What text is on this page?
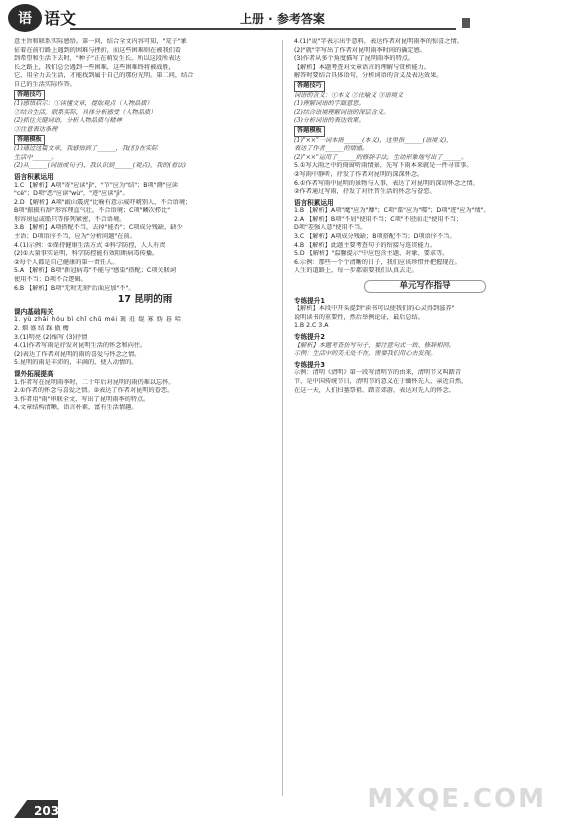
语 语文	上册 · 参考答案
意主旨和联系实际感悟。第一问，结合全文内容可知，"荒子"象
征着在前行路上遇到的困难与挫折，而这些困难则在被我们看
到希望和生活下去时，"种子"正在萌发生长。所以这段所表达
长之路上，我们总会遇到一些困难，这些困难终将被战胜，
它，用全力去生活，才能找到属于自己的那份光明。第二问，结合
自己的生活实际作答。
答题技巧
(1)感悟启示：①读懂文章，提取观点（人物品质）
②结合生活，联系实际，具体分析感受（人物品质）
(2)抓住关键词语，分析人物品质与精神
③注意表达条理
答题模板
(1)通过这篇文章，我感悟到了______，我(们)在实际
生活中______。
(2)从______(词语或句子)，我认识到______(观点)，我的(看法)
语言积累运用
1.C 【解析】A项"寄"应读"jì"，"节"应为"结"；B项"测"应读
"cè"；D项"恶"应读"wù"，"迹"应读"jì"。
2.D 【解析】A项"敲山震虎"比喻有意示威吓唬别人，不合语境；
B项"振振有辞"形容理直气壮，不合语境；C项"鳞次栉比"
形容房屋或船只等排列紧密，不合语境。
3.B 【解析】A项搭配不当，去掉"能否"；C项成分残缺，缺少
主语；D项语序不当，应为"分析问题"在前。
4.(1)示例：①保持健康生活方式 ②科学防控，人人有责
(2)①大量事实证明，科学防控能有效阻断病毒传播。
②每个人都是自己健康的第一责任人。
5.A 【解析】B项"新冠病毒"不能与"感染"搭配；C项关联词
使用不当；D项不合逻辑。
6.B 【解析】B项"无时无刻"后面应加"不"。
17 昆明的雨
课内基础闯关
1. yù zhǎi hóu bì chǐ chǔ méi 篱 莊 绲 寡 妫 暮 哈
2. 烟 盛 结 踩 傲 檐
3.(1)明亮 (2)缩写 (3)抒情
4.(1)作者写雨是抒发对昆明生活的怀念和向往。
(2)表达了作者对昆明的雨的喜爱与怀念之情。
5.昆明的雨是丰沛的，丰满的，使人动情的。
课外拓展提高
1.作者写在昆明雨季时，二十年后对昆明的雨仍难以忘怀。
2.①作者的怀念与喜爱之情。②表达了作者对昆明的眷恋。
3.作者用"雨"串联全文，写出了昆明雨季的特点。
4.文章结构清晰，语言朴素，富有生活情趣。
4.(1)"说"字表示出乎意料，表达作者对昆明雨季的惊喜之情。
(2)"就"字写出了作者对昆明雨季时间的确定感。
(3)作者从多个角度描写了昆明雨季的特点。
【解析】本题考查对文章语言的理解与赏析能力。
解答时要结合具体语句，分析词语的含义及表达效果。
答题技巧
词语的含义：①本义 ②比喻义 ③语境义
(1)理解词语的字面意思。
(2)结合语境理解词语的深层含义。
(3)分析词语的表达效果。
答题模板
(1)"××"一词本指______(本义)，这里指______(语境义)，
表达了作者______的情感。
(2)"××"运用了______的修辞手法，生动形象地写出了______。
5.①写大雨之中的倚窗听雨情景，先写下雨本来就是一件寻常事。
②写雨中静听，抒发了作者对昆明的深深怀念。
6.①作者写雨中昆明的景物与人事，表达了对昆明的深切怀念之情。
②作者通过写雨，抒发了对往昔生活的怀念与眷恋。
语言积累运用
1.B 【解析】A项"麾"应为"靡"；C项"谍"应为"喋"；D项"迹"应为"绩"。
2.A 【解析】B项"不屑"使用不当；C项"不胫而走"使用不当；
D项"差强人意"使用不当。
3.C 【解析】A项成分残缺；B项搭配不当；D项语序不当。
4.B 【解析】此题主要考查句子的衔接与连贯能力。
5.D 【解析】"温馨提示"中应包含主题、对象、要求等。
6.示例：那些一个个清晰的日子，我们应该珍惜并把握现在。
人生的道路上，每一步都需要我们认真去走。
单元写作指导
专练提升1
【解析】本段中开头提到"读书可以使我们的心灵得到滋养"
说明读书的重要性，然后举例论证，最后总结。
1.B 2.C 3.A
专练提升2
【解析】本题考查仿写句子，要注意句式一致、修辞相同。
示例：生活中的美无处不在，需要我们用心去发现。
专练提升3
示例：清明《清明》第一段写清明节的由来，清明节又叫踏青
节，是中国传统节日，清明节的意义在于缅怀先人、亲近自然，
在这一天，人们扫墓祭祖、踏青郊游，表达对先人的怀念。
203	MXQE.COM
